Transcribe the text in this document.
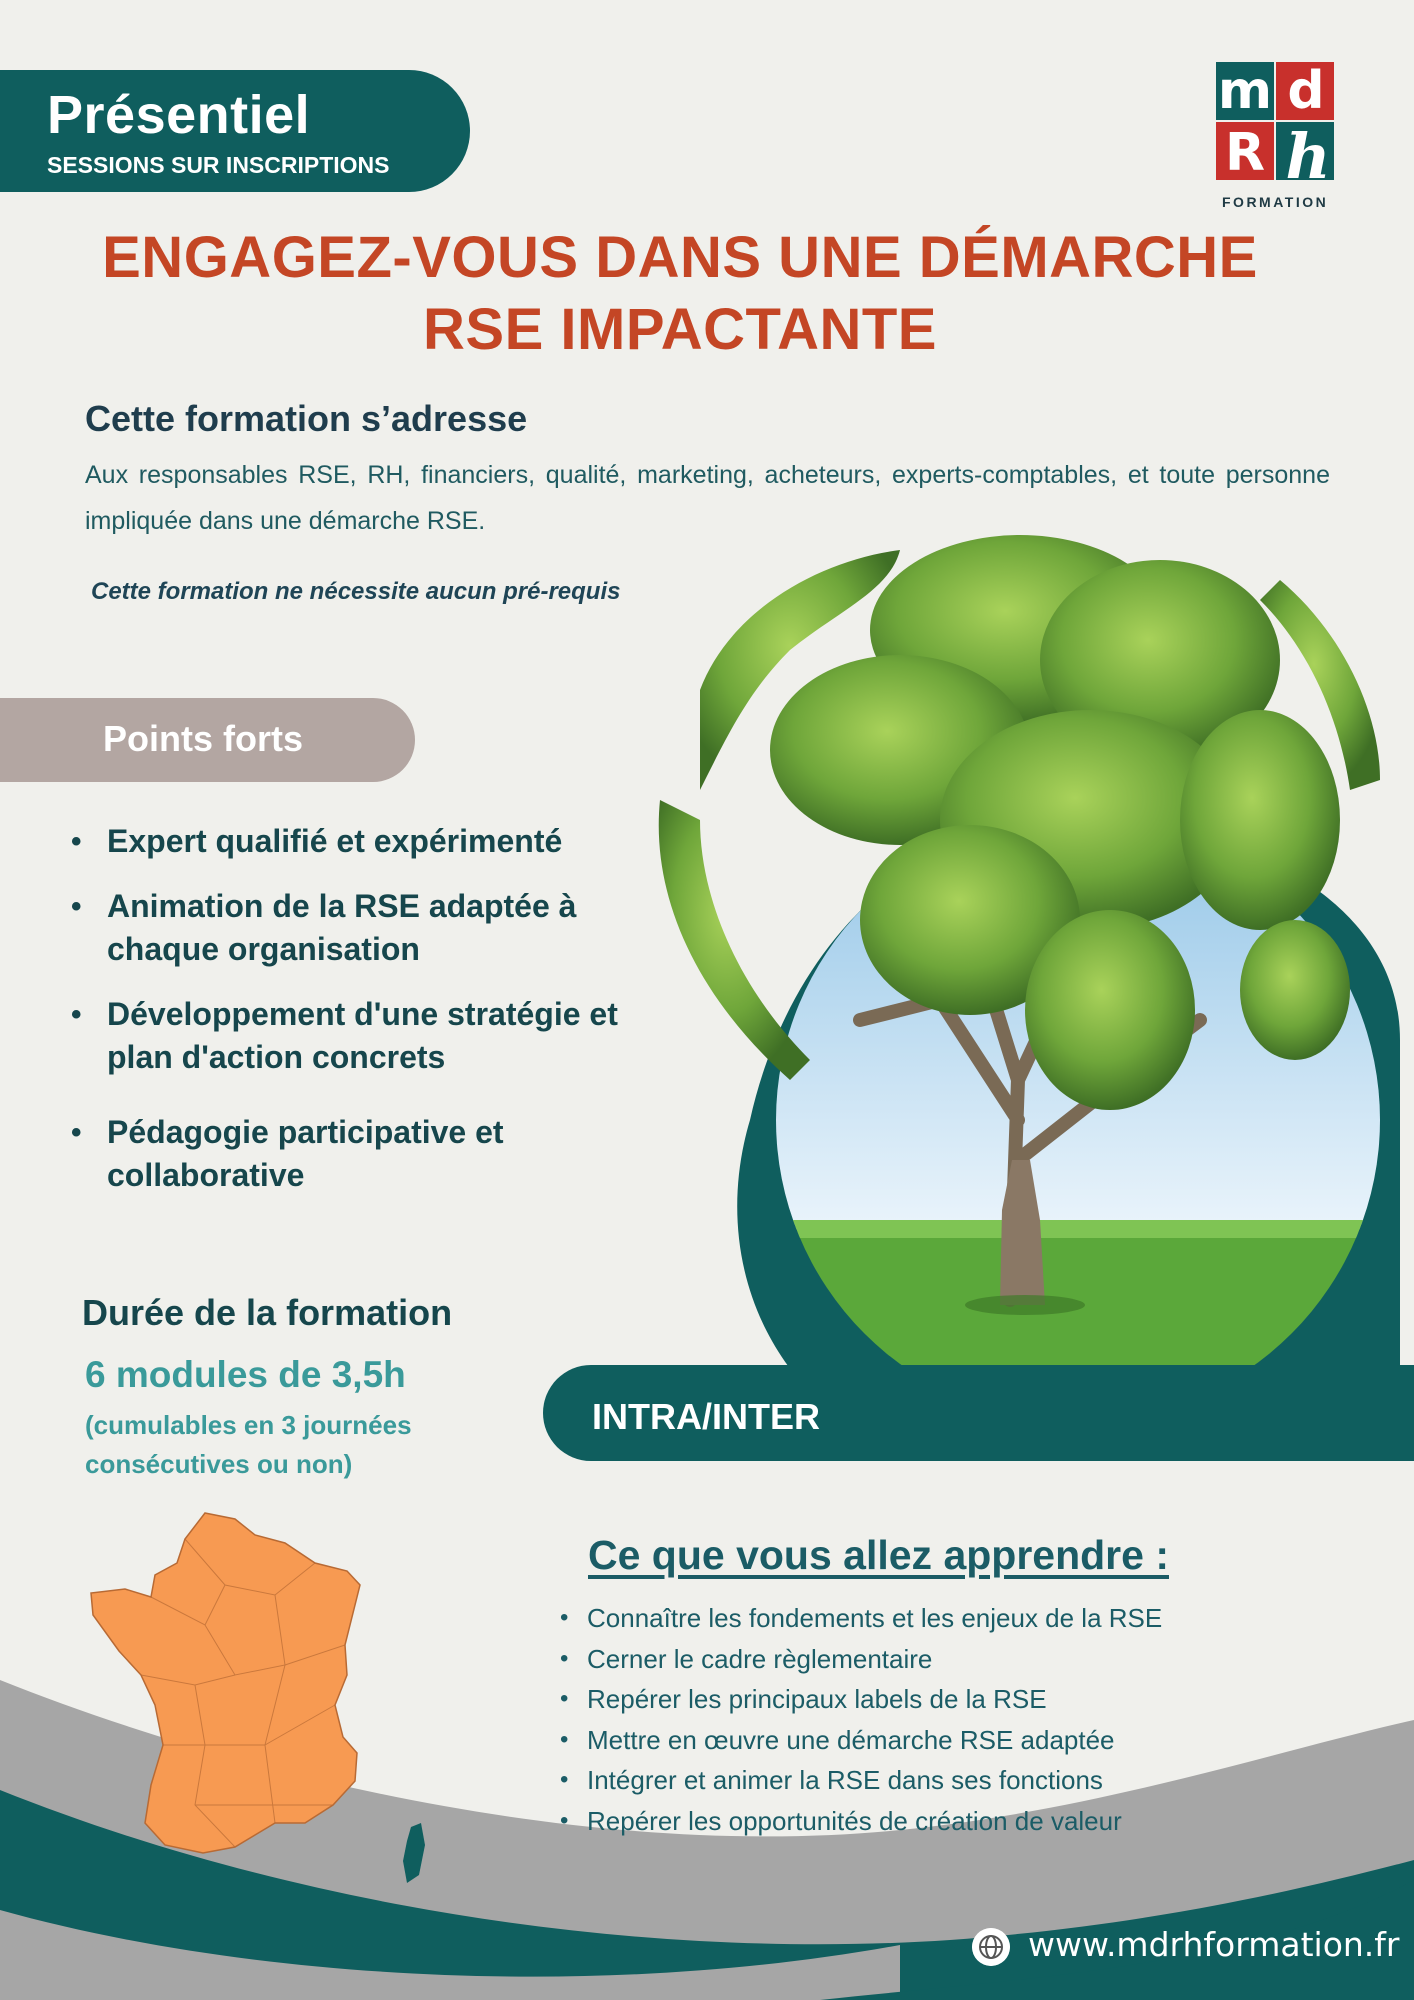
Présentiel
SESSIONS SUR INSCRIPTIONS
m d
R h
FORMATION
ENGAGEZ-VOUS DANS UNE DÉMARCHE
RSE IMPACTANTE
Cette formation s’adresse
Aux responsables RSE, RH, financiers, qualité, marketing, acheteurs, experts-comptables, et toute personne impliquée dans une démarche RSE.
Cette formation ne nécessite aucun pré-requis
Points forts
• Expert qualifié et expérimenté
• Animation de la RSE adaptée à chaque organisation
• Développement d'une stratégie et plan d'action concrets
• Pédagogie participative et collaborative
Durée de la formation
6 modules de 3,5h
(cumulables en 3 journées consécutives ou non)
INTRA/INTER
Ce que vous allez apprendre :
• Connaître les fondements et les enjeux de la RSE
• Cerner le cadre règlementaire
• Repérer les principaux labels de la RSE
• Mettre en œuvre une démarche RSE adaptée
• Intégrer et animer la RSE dans ses fonctions
• Repérer les opportunités de création de valeur
www.mdrhformation.fr
